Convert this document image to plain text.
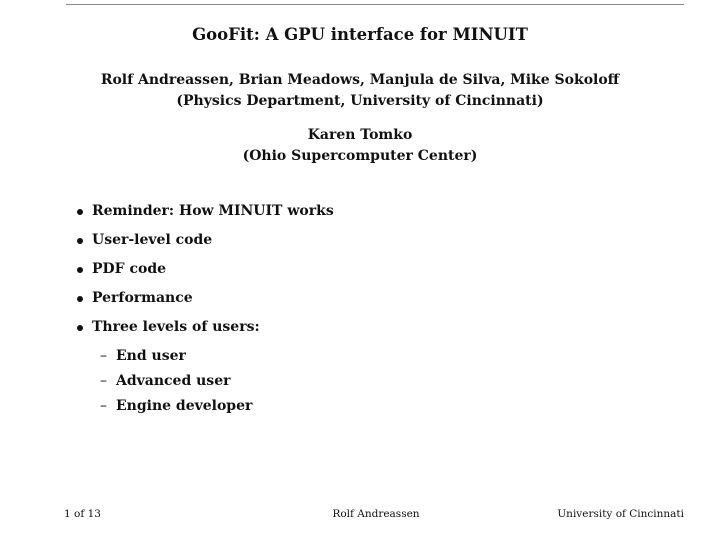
GooFit: A GPU interface for MINUIT
Rolf Andreassen, Brian Meadows, Manjula de Silva, Mike Sokoloff
(Physics Department, University of Cincinnati)
Karen Tomko
(Ohio Supercomputer Center)
Reminder: How MINUIT works
User-level code
PDF code
Performance
Three levels of users:
– End user
– Advanced user
– Engine developer
1 of 13	Rolf Andreassen	University of Cincinnati
